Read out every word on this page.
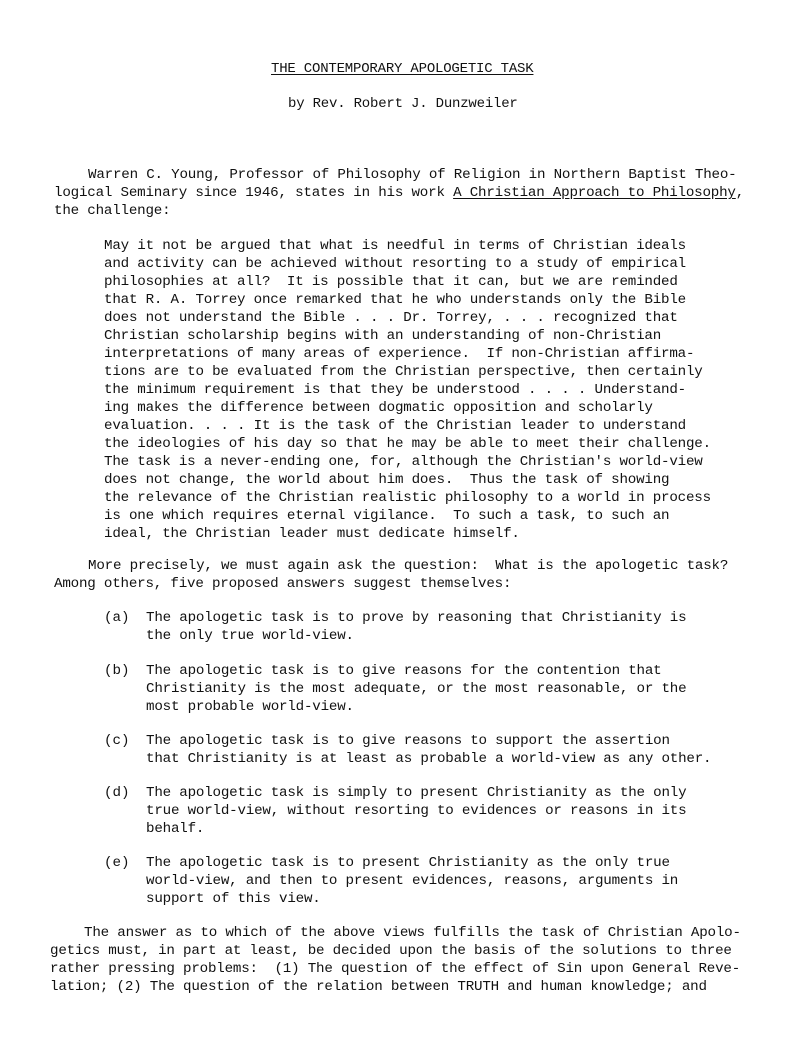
THE CONTEMPORARY APOLOGETIC TASK
by Rev. Robert J. Dunzweiler
Warren C. Young, Professor of Philosophy of Religion in Northern Baptist Theo-
logical Seminary since 1946, states in his work A Christian Approach to Philosophy,
the challenge:
May it not be argued that what is needful in terms of Christian ideals
and activity can be achieved without resorting to a study of empirical
philosophies at all?  It is possible that it can, but we are reminded
that R. A. Torrey once remarked that he who understands only the Bible
does not understand the Bible . . . Dr. Torrey, . . . recognized that
Christian scholarship begins with an understanding of non-Christian
interpretations of many areas of experience.  If non-Christian affirma-
tions are to be evaluated from the Christian perspective, then certainly
the minimum requirement is that they be understood . . . . Understand-
ing makes the difference between dogmatic opposition and scholarly
evaluation. . . . It is the task of the Christian leader to understand
the ideologies of his day so that he may be able to meet their challenge.
The task is a never-ending one, for, although the Christian's world-view
does not change, the world about him does.  Thus the task of showing
the relevance of the Christian realistic philosophy to a world in process
is one which requires eternal vigilance.  To such a task, to such an
ideal, the Christian leader must dedicate himself.
More precisely, we must again ask the question:  What is the apologetic task?
Among others, five proposed answers suggest themselves:
(a) The apologetic task is to prove by reasoning that Christianity is
the only true world-view.
(b) The apologetic task is to give reasons for the contention that
Christianity is the most adequate, or the most reasonable, or the
most probable world-view.
(c) The apologetic task is to give reasons to support the assertion
that Christianity is at least as probable a world-view as any other.
(d) The apologetic task is simply to present Christianity as the only
true world-view, without resorting to evidences or reasons in its
behalf.
(e) The apologetic task is to present Christianity as the only true
world-view, and then to present evidences, reasons, arguments in
support of this view.
The answer as to which of the above views fulfills the task of Christian Apolo-
getics must, in part at least, be decided upon the basis of the solutions to three
rather pressing problems:  (1) The question of the effect of Sin upon General Reve-
lation; (2) The question of the relation between TRUTH and human knowledge; and
